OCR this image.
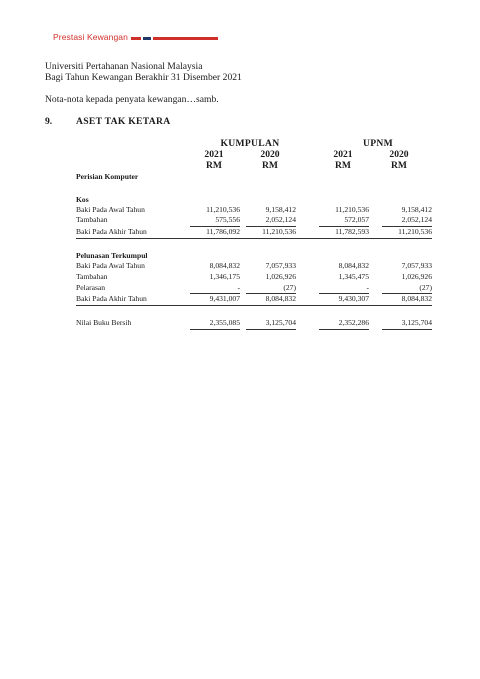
Prestasi Kewangan
Universiti Pertahanan Nasional Malaysia
Bagi Tahun Kewangan Berakhir 31 Disember 2021
Nota-nota kepada penyata kewangan…samb.
9. ASET TAK KETARA
KUMPULAN	UPNM
2021	2020	2021	2020
RM	RM	RM	RM
Perisian Komputer
Kos
Baki Pada Awal Tahun	11,210,536	9,158,412	11,210,536	9,158,412
Tambahan	575,556	2,052,124	572,057	2,052,124
Baki Pada Akhir Tahun	11,786,092	11,210,536	11,782,593	11,210,536
Pelunasan Terkumpul
Baki Pada Awal Tahun	8,084,832	7,057,933	8,084,832	7,057,933
Tambahan	1,346,175	1,026,926	1,345,475	1,026,926
Pelarasan	-	(27)	-	(27)
Baki Pada Akhir Tahun	9,431,007	8,084,832	9,430,307	8,084,832
Nilai Buku Bersih	2,355,085	3,125,704	2,352,286	3,125,704
